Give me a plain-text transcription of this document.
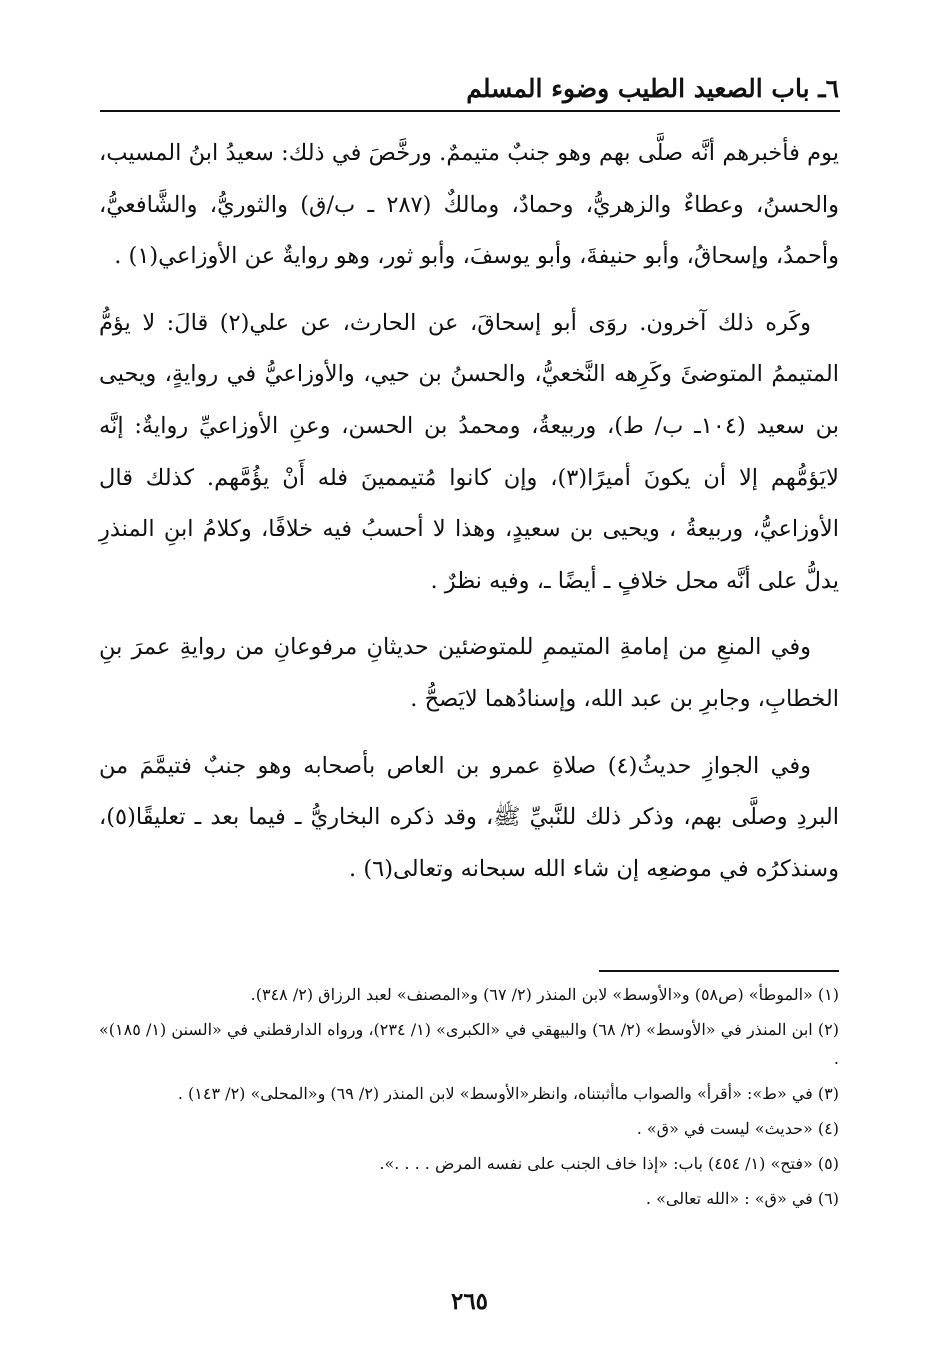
٦ـ باب الصعيد الطيب وضوء المسلم

يوم فأخبرهم أنَّه صلَّى بهم وهو جنبٌ متيممٌ. ورخَّصَ في ذلك: سعيدُ ابنُ المسيب، والحسنُ، وعطاءٌ والزهريُّ، وحمادٌ، ومالكٌ (٢٨٧ ـ ب/ق) والثوريُّ، والشَّافعيُّ، وأحمدُ، وإسحاقُ، وأبو حنيفةَ، وأبو يوسفَ، وأبو ثور، وهو روايةٌ عن الأوزاعي(١) .

وكَره ذلك آخرون. روَى أبو إسحاقَ، عن الحارث، عن علي(٢) قالَ: لا يؤمُّ المتيممُ المتوضئَ وكَرِهه النَّخعيُّ، والحسنُ بن حيي، والأوزاعيُّ في روايةٍ، ويحيى بن سعيد (١٠٤ـ ب/ ط)، وربيعةُ، ومحمدُ بن الحسن، وعنِ الأوزاعيِّ روايةٌ: إنَّه لايَؤمُّهم إلا أن يكونَ أميرًا(٣)، وإن كانوا مُتيممينَ فله أَنْ يؤُمَّهم. كذلك قال الأوزاعيُّ، وربيعةُ ، ويحيى بن سعيدٍ، وهذا لا أحسبُ فيه خلافًا، وكلامُ ابنِ المنذرِ يدلُّ على أنَّه محل خلافٍ ـ أيضًا ـ، وفيه نظرٌ .

وفي المنعِ من إمامةِ المتيممِ للمتوضئين حديثانِ مرفوعانِ من روايةِ عمرَ بنِ الخطابِ، وجابرِ بن عبد الله، وإسنادُهما لايَصحُّ .

وفي الجوازِ حديثُ(٤) صلاةِ عمرو بن العاص بأصحابه وهو جنبٌ فتيمَّمَ من البردِ وصلَّى بهم، وذكر ذلك للنَّبيِّ ﷺ، وقد ذكره البخاريُّ ـ فيما بعد ـ تعليقًا(٥)، وسنذكرُه في موضعِه إن شاء الله سبحانه وتعالى(٦) .

(١) «الموطأ» (ص٥٨) و«الأوسط» لابن المنذر (٢/ ٦٧) و«المصنف» لعبد الرزاق (٢/ ٣٤٨).
(٢) ابن المنذر في «الأوسط» (٢/ ٦٨) والبيهقي في «الكبرى» (١/ ٢٣٤)، ورواه الدارقطني في «السنن (١/ ١٨٥)» .
(٣) في «ط»: «أقرأ» والصواب ماأثبتناه، وانظر«الأوسط» لابن المنذر (٢/ ٦٩) و«المحلى» (٢/ ١٤٣) .
(٤) «حديث» ليست في «ق» .
(٥) «فتح» (١/ ٤٥٤) باب: «إذا خاف الجنب على نفسه المرض . . . .».
(٦) في «ق» : «الله تعالى» .
٢٦٥
